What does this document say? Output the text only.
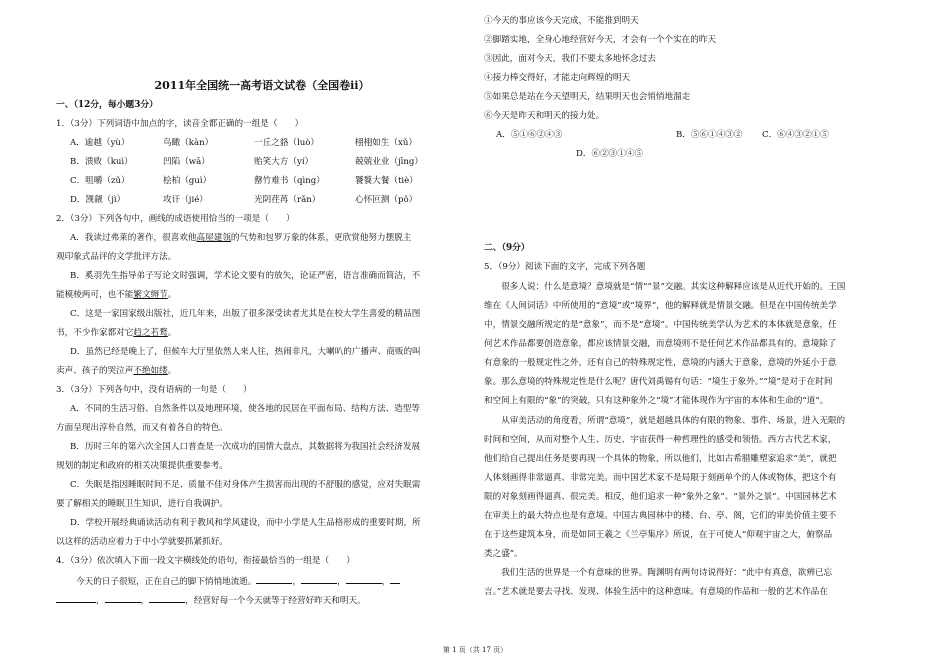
2011年全国统一高考语文试卷（全国卷ⅱ）
一、（12分，每小题3分）
1．（3分）下列词语中加点的字，读音全都正确的一组是（　　）
A．逾越（yù）	鸟瞰（kàn）	一丘之貉（luò）	栩栩如生（xǔ）
B．溃败（kuì）	凹陷（wā）	贻笑大方（yí）	兢兢业业（jīng）
C．咀嚼（zǔ）	桧柏（guì）	罄竹难书（qìng）	饕餮大餐（tiè）
D．觊觎（jì）	攻讦（jié）	光阴荏苒（rǎn）	心怀叵测（pǒ）
2．（3分）下列各句中，画线的成语使用恰当的一项是（　　）
A．我读过弗莱的著作，很喜欢他高屋建瓴的气势和包罗万象的体系，更欣赏他努力摆脱主
观印象式品评的文学批评方法。
B．奚羽先生指导弟子写论文时强调，学术论文要有的放矢，论证严密，语言准确而简洁，不
能模棱两可，也不能繁文缛节。
C．这是一家国家级出版社，近几年来，出版了很多深受读者尤其是在校大学生喜爱的精品图
书，不少作家都对它趋之若鹜。
D．虽然已经是晚上了，但候车大厅里依然人来人往，热闹非凡，大喇叭的广播声、商贩的叫
卖声、孩子的哭泣声不绝如缕。
3．（3分）下列各句中，没有语病的一句是（　　）
A．不同的生活习俗、自然条件以及地理环境，使各地的民居在平面布局、结构方法、造型等
方面呈现出淳朴自然，而又有着各自的特色。
B．历时三年的第六次全国人口普查是一次成功的国情大盘点，其数据将为我国社会经济发展
规划的制定和政府的相关决策提供重要参考。
C．失眠是指因睡眠时间不足、质量不佳对身体产生损害而出现的不舒服的感觉，应对失眠需
要了解相关的睡眠卫生知识，进行自我调护。
D．学校开展经典诵读活动有利于教风和学风建设，而中小学是人生品格形成的重要时期，所
以这样的活动应着力于中小学就要抓紧抓好。
4．（3分）依次填入下面一段文字横线处的语句，衔接最恰当的一组是（　　）
今天的日子很短，正在自己的脚下悄悄地流逝。	，	，	，
，	，	，经营好每一个今天就等于经营好昨天和明天。
①今天的事应该今天完成，不能推到明天
②脚踏实地，全身心地经营好今天，才会有一个个实在的昨天
③因此，面对今天，我们不要太多地怀念过去
④接力棒交得好，才能走向辉煌的明天
⑤如果总是站在今天望明天，结果明天也会悄悄地溜走
⑥今天是昨天和明天的接力处。
A．⑤①⑥②④③	B．⑤⑥①④③② C．⑥④③②①⑤
D．⑥②③①④⑤
二、（9分）
5．（9分）阅读下面的文字，完成下列各题
　　很多人说：什么是意境？意境就是“情”“景”交融。其实这种解释应该是从近代开始的。王国
维在《人间词话》中所使用的“意境”或“境界”，他的解释就是情景交融。但是在中国传统美学
中，情景交融所规定的是“意象”，而不是“意境”。中国传统美学认为艺术的本体就是意象，任
何艺术作品都要创造意象，都应该情景交融，而意境则不是任何艺术作品都具有的。意境除了
有意象的一般规定性之外，还有自己的特殊规定性，意境的内涵大于意象，意境的外延小于意
象。那么意境的特殊规定性是什么呢？唐代刘禹锡有句话：“境生于象外。”“境”是对于在时间
和空间上有限的“象”的突破，只有这种象外之“境”才能体现作为宇宙的本体和生命的“道”。
　　从审美活动的角度看，所谓“意境”，就是超越具体的有限的物象、事件、场景，进入无限的
时间和空间，从而对整个人生、历史、宇宙获得一种哲理性的感受和领悟。西方古代艺术家，
他们给自己提出任务是要再现一个具体的物象，所以他们，比如古希腊雕塑家追求“美”，就把
人体刻画得非常逼真、非常完美。而中国艺术家不是局限于刻画单个的人体或物体，把这个有
限的对象刻画得逼真、很完美。相反，他们追求一种“象外之象”、“景外之景”。中国园林艺术
在审美上的最大特点也是有意境。中国古典园林中的楼、台、亭、阁，它们的审美价值主要不
在于这些建筑本身，而是如同王羲之《兰亭集序》所说，在于可使人“仰观宇宙之大，俯察品
类之盛”。
　　我们生活的世界是一个有意味的世界。陶渊明有两句诗说得好：“此中有真意，欲辨已忘
言。”艺术就是要去寻找、发现、体验生活中的这种意味。有意境的作品和一般的艺术作品在
第 1 页（共 17 页）
